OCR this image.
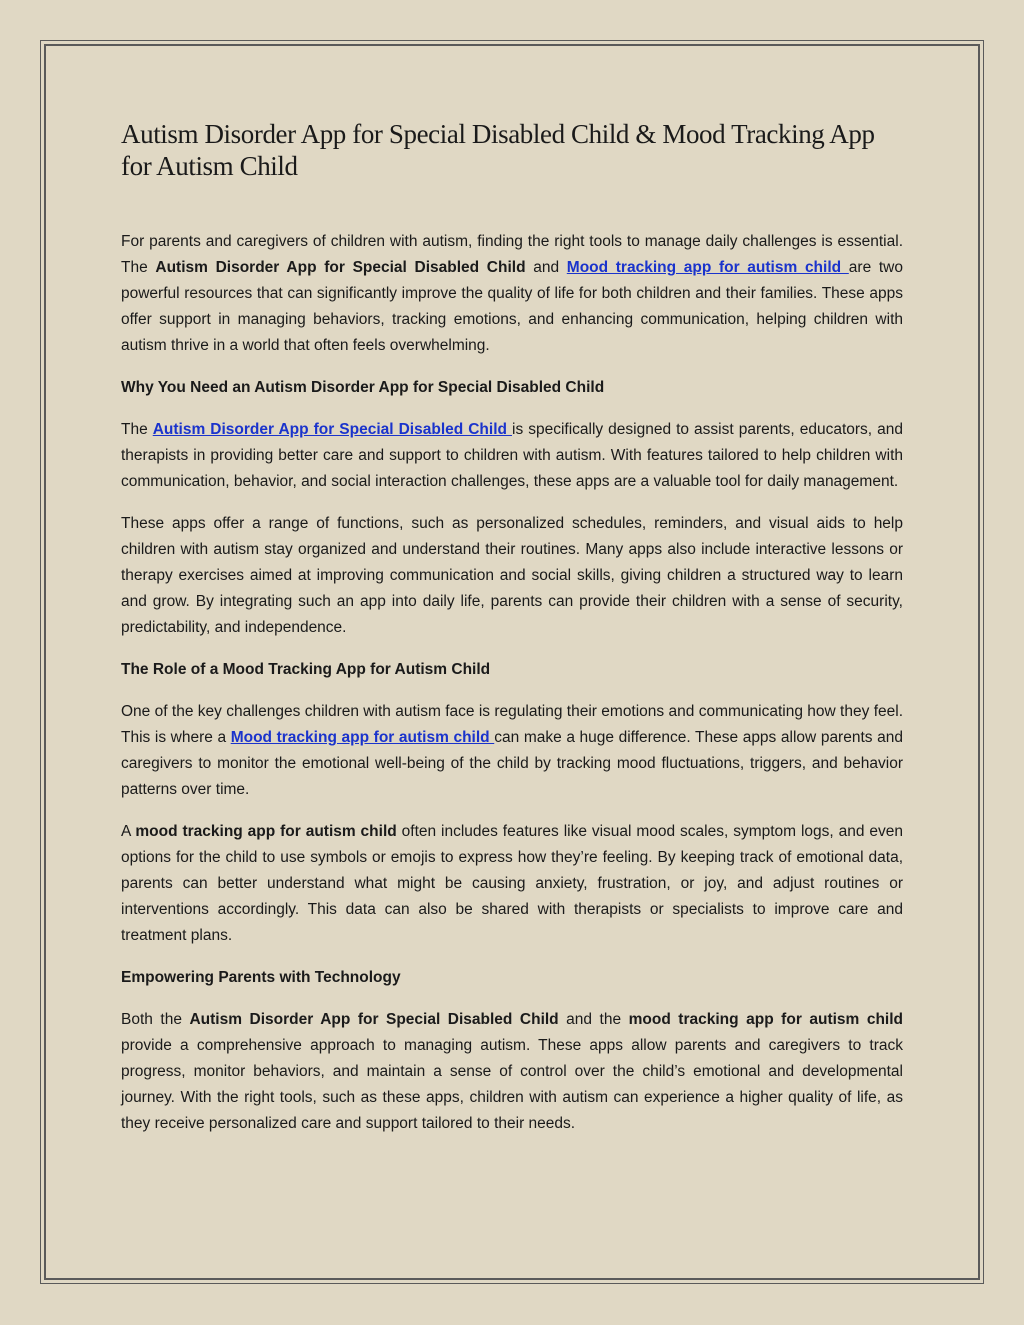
Autism Disorder App for Special Disabled Child & Mood Tracking App for Autism Child

For parents and caregivers of children with autism, finding the right tools to manage daily challenges is essential. The Autism Disorder App for Special Disabled Child and Mood tracking app for autism child are two powerful resources that can significantly improve the quality of life for both children and their families. These apps offer support in managing behaviors, tracking emotions, and enhancing communication, helping children with autism thrive in a world that often feels overwhelming.

Why You Need an Autism Disorder App for Special Disabled Child

The Autism Disorder App for Special Disabled Child is specifically designed to assist parents, educators, and therapists in providing better care and support to children with autism. With features tailored to help children with communication, behavior, and social interaction challenges, these apps are a valuable tool for daily management.

These apps offer a range of functions, such as personalized schedules, reminders, and visual aids to help children with autism stay organized and understand their routines. Many apps also include interactive lessons or therapy exercises aimed at improving communication and social skills, giving children a structured way to learn and grow. By integrating such an app into daily life, parents can provide their children with a sense of security, predictability, and independence.

The Role of a Mood Tracking App for Autism Child

One of the key challenges children with autism face is regulating their emotions and communicating how they feel. This is where a Mood tracking app for autism child can make a huge difference. These apps allow parents and caregivers to monitor the emotional well-being of the child by tracking mood fluctuations, triggers, and behavior patterns over time.

A mood tracking app for autism child often includes features like visual mood scales, symptom logs, and even options for the child to use symbols or emojis to express how they’re feeling. By keeping track of emotional data, parents can better understand what might be causing anxiety, frustration, or joy, and adjust routines or interventions accordingly. This data can also be shared with therapists or specialists to improve care and treatment plans.

Empowering Parents with Technology

Both the Autism Disorder App for Special Disabled Child and the mood tracking app for autism child provide a comprehensive approach to managing autism. These apps allow parents and caregivers to track progress, monitor behaviors, and maintain a sense of control over the child’s emotional and developmental journey. With the right tools, such as these apps, children with autism can experience a higher quality of life, as they receive personalized care and support tailored to their needs.
